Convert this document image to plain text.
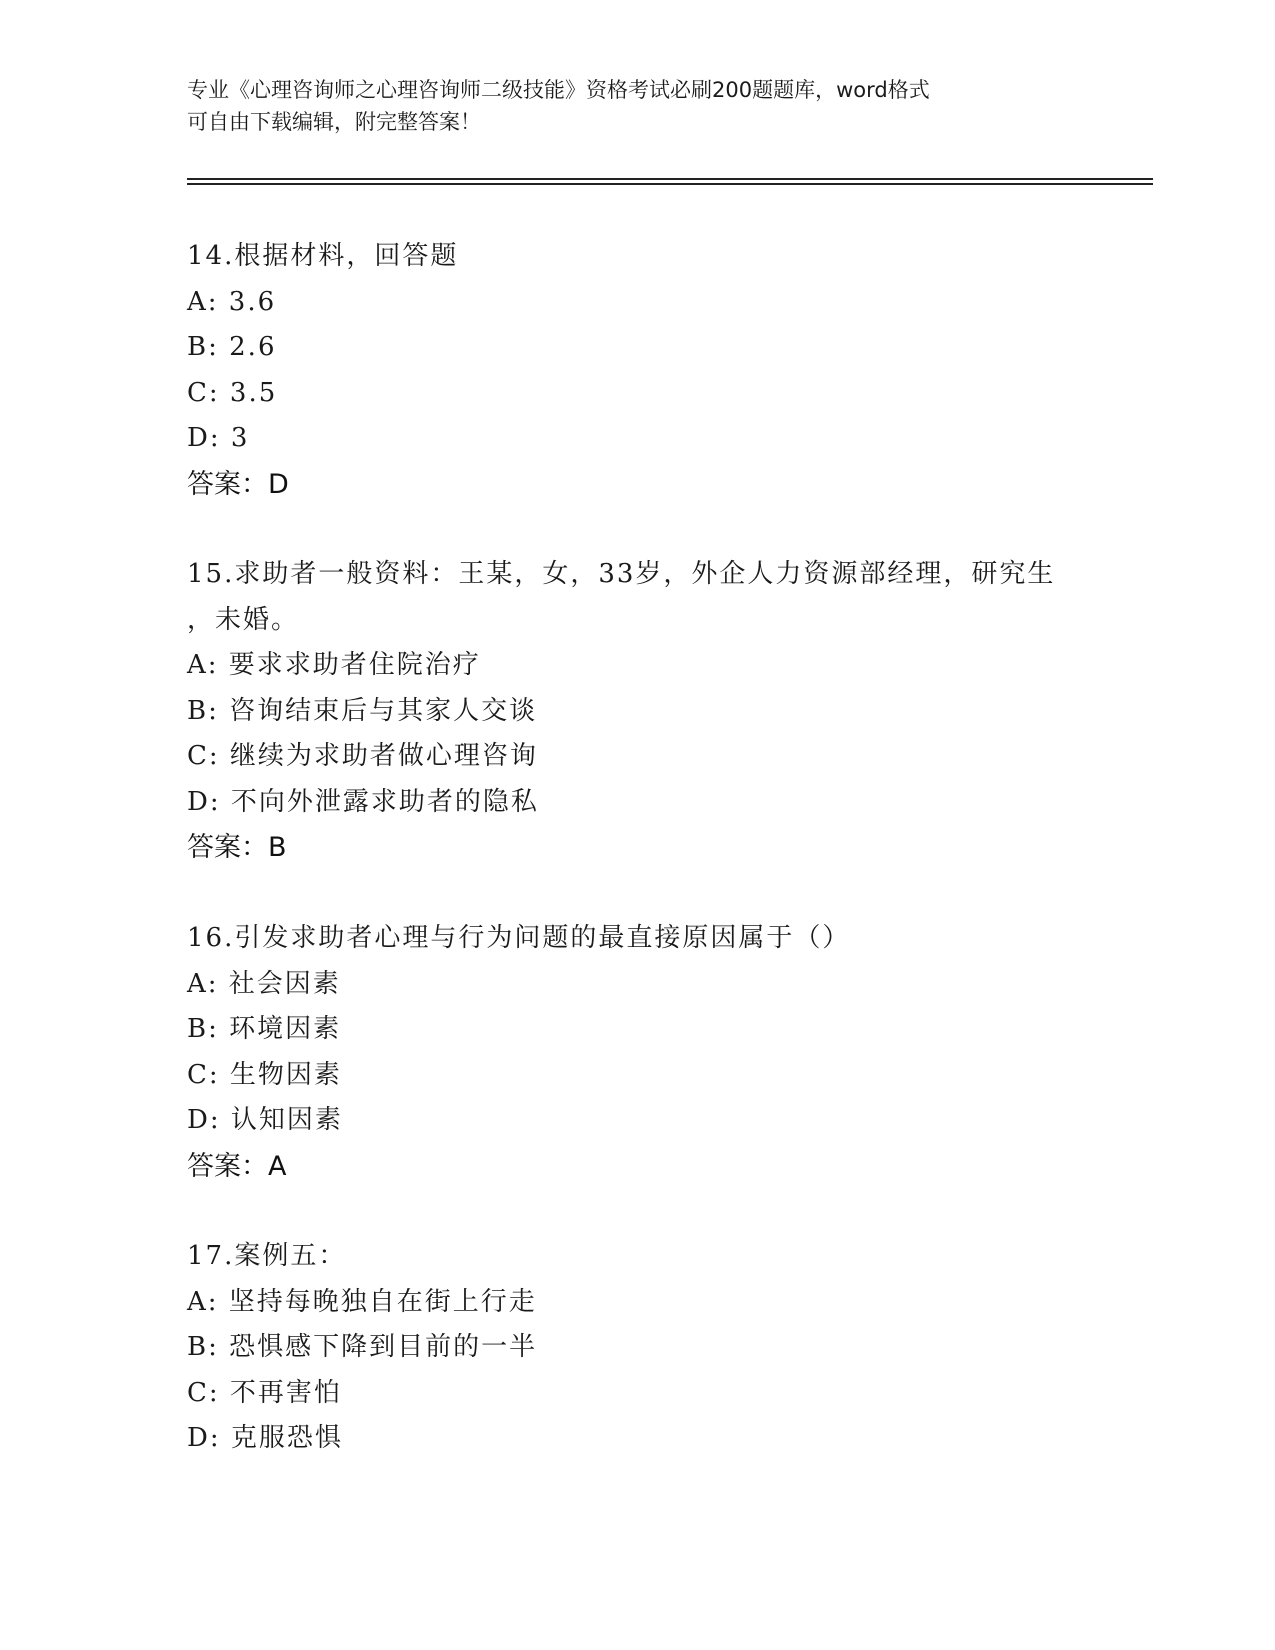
专业《心理咨询师之心理咨询师二级技能》资格考试必刷200题题库，word格式
可自由下载编辑，附完整答案！
14.根据材料，回答题
A: 3.6
B: 2.6
C: 3.5
D: 3
答案：D
15.求助者一般资料：王某，女，33岁，外企人力资源部经理，研究生
，未婚。
A: 要求求助者住院治疗
B: 咨询结束后与其家人交谈
C: 继续为求助者做心理咨询
D: 不向外泄露求助者的隐私
答案：B
16.引发求助者心理与行为问题的最直接原因属于（）
A: 社会因素
B: 环境因素
C: 生物因素
D: 认知因素
答案：A
17.案例五：
A: 坚持每晚独自在街上行走
B: 恐惧感下降到目前的一半
C: 不再害怕
D: 克服恐惧
